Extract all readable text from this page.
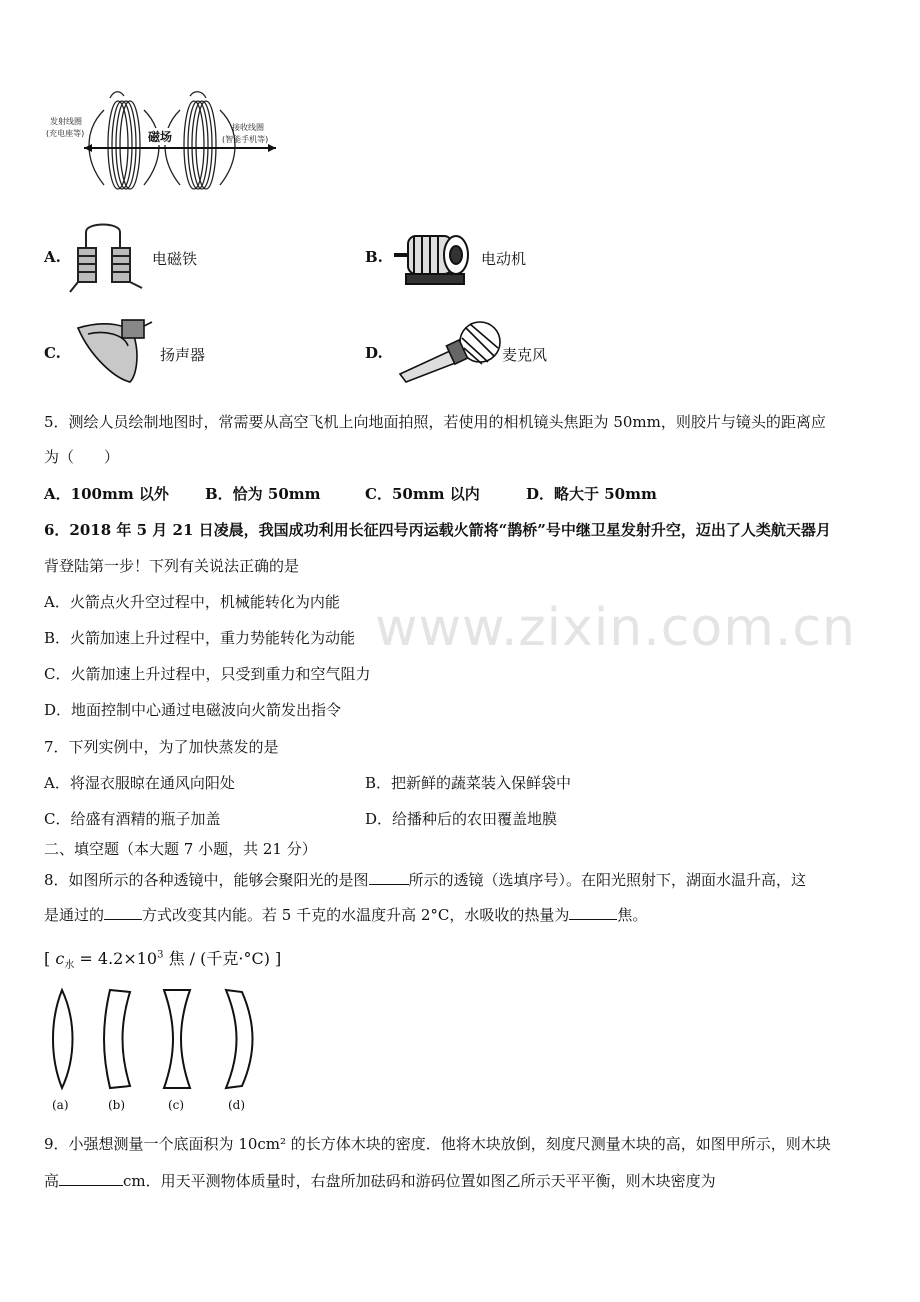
www.zixin.com.cn
发射线圈
(充电座等)	磁场
接收线圈
(智能手机等)
A.	电磁铁	B.	电动机
C.	扬声器	D.	麦克风
5．测绘人员绘制地图时，常需要从高空飞机上向地面拍照，若使用的相机镜头焦距为 50mm，则胶片与镜头的距离应
为（　　）
A．100mm 以外 B．恰为 50mm	C．50mm 以内	D．略大于 50mm
6．2018 年 5 月 21 日凌晨，我国成功利用长征四号丙运载火箭将“鹊桥”号中继卫星发射升空，迈出了人类航天器月
背登陆第一步！下列有关说法正确的是
A．火箭点火升空过程中，机械能转化为内能
B．火箭加速上升过程中，重力势能转化为动能
C．火箭加速上升过程中，只受到重力和空气阻力
D．地面控制中心通过电磁波向火箭发出指令
7．下列实例中，为了加快蒸发的是
A．将湿衣服晾在通风向阳处	B．把新鲜的蔬菜装入保鲜袋中
C．给盛有酒精的瓶子加盖	D．给播种后的农田覆盖地膜
二、填空题（本大题 7 小题，共 21 分）
8．如图所示的各种透镜中，能够会聚阳光的是图	所示的透镜（选填序号）。在阳光照射下，湖面水温升高，这
是通过的	方式改变其内能。若 5 千克的水温度升高 2°C，水吸收的热量为	焦。
[ $c_水 = 4.2\times 10^3$ 焦 / (千克·°C) ]
(a)	(b)	(c)	(d)
9．小强想测量一个底面积为 10cm² 的长方体木块的密度．他将木块放倒，刻度尺测量木块的高，如图甲所示，则木块
高	cm．用天平测物体质量时，右盘所加砝码和游码位置如图乙所示天平平衡，则木块密度为
